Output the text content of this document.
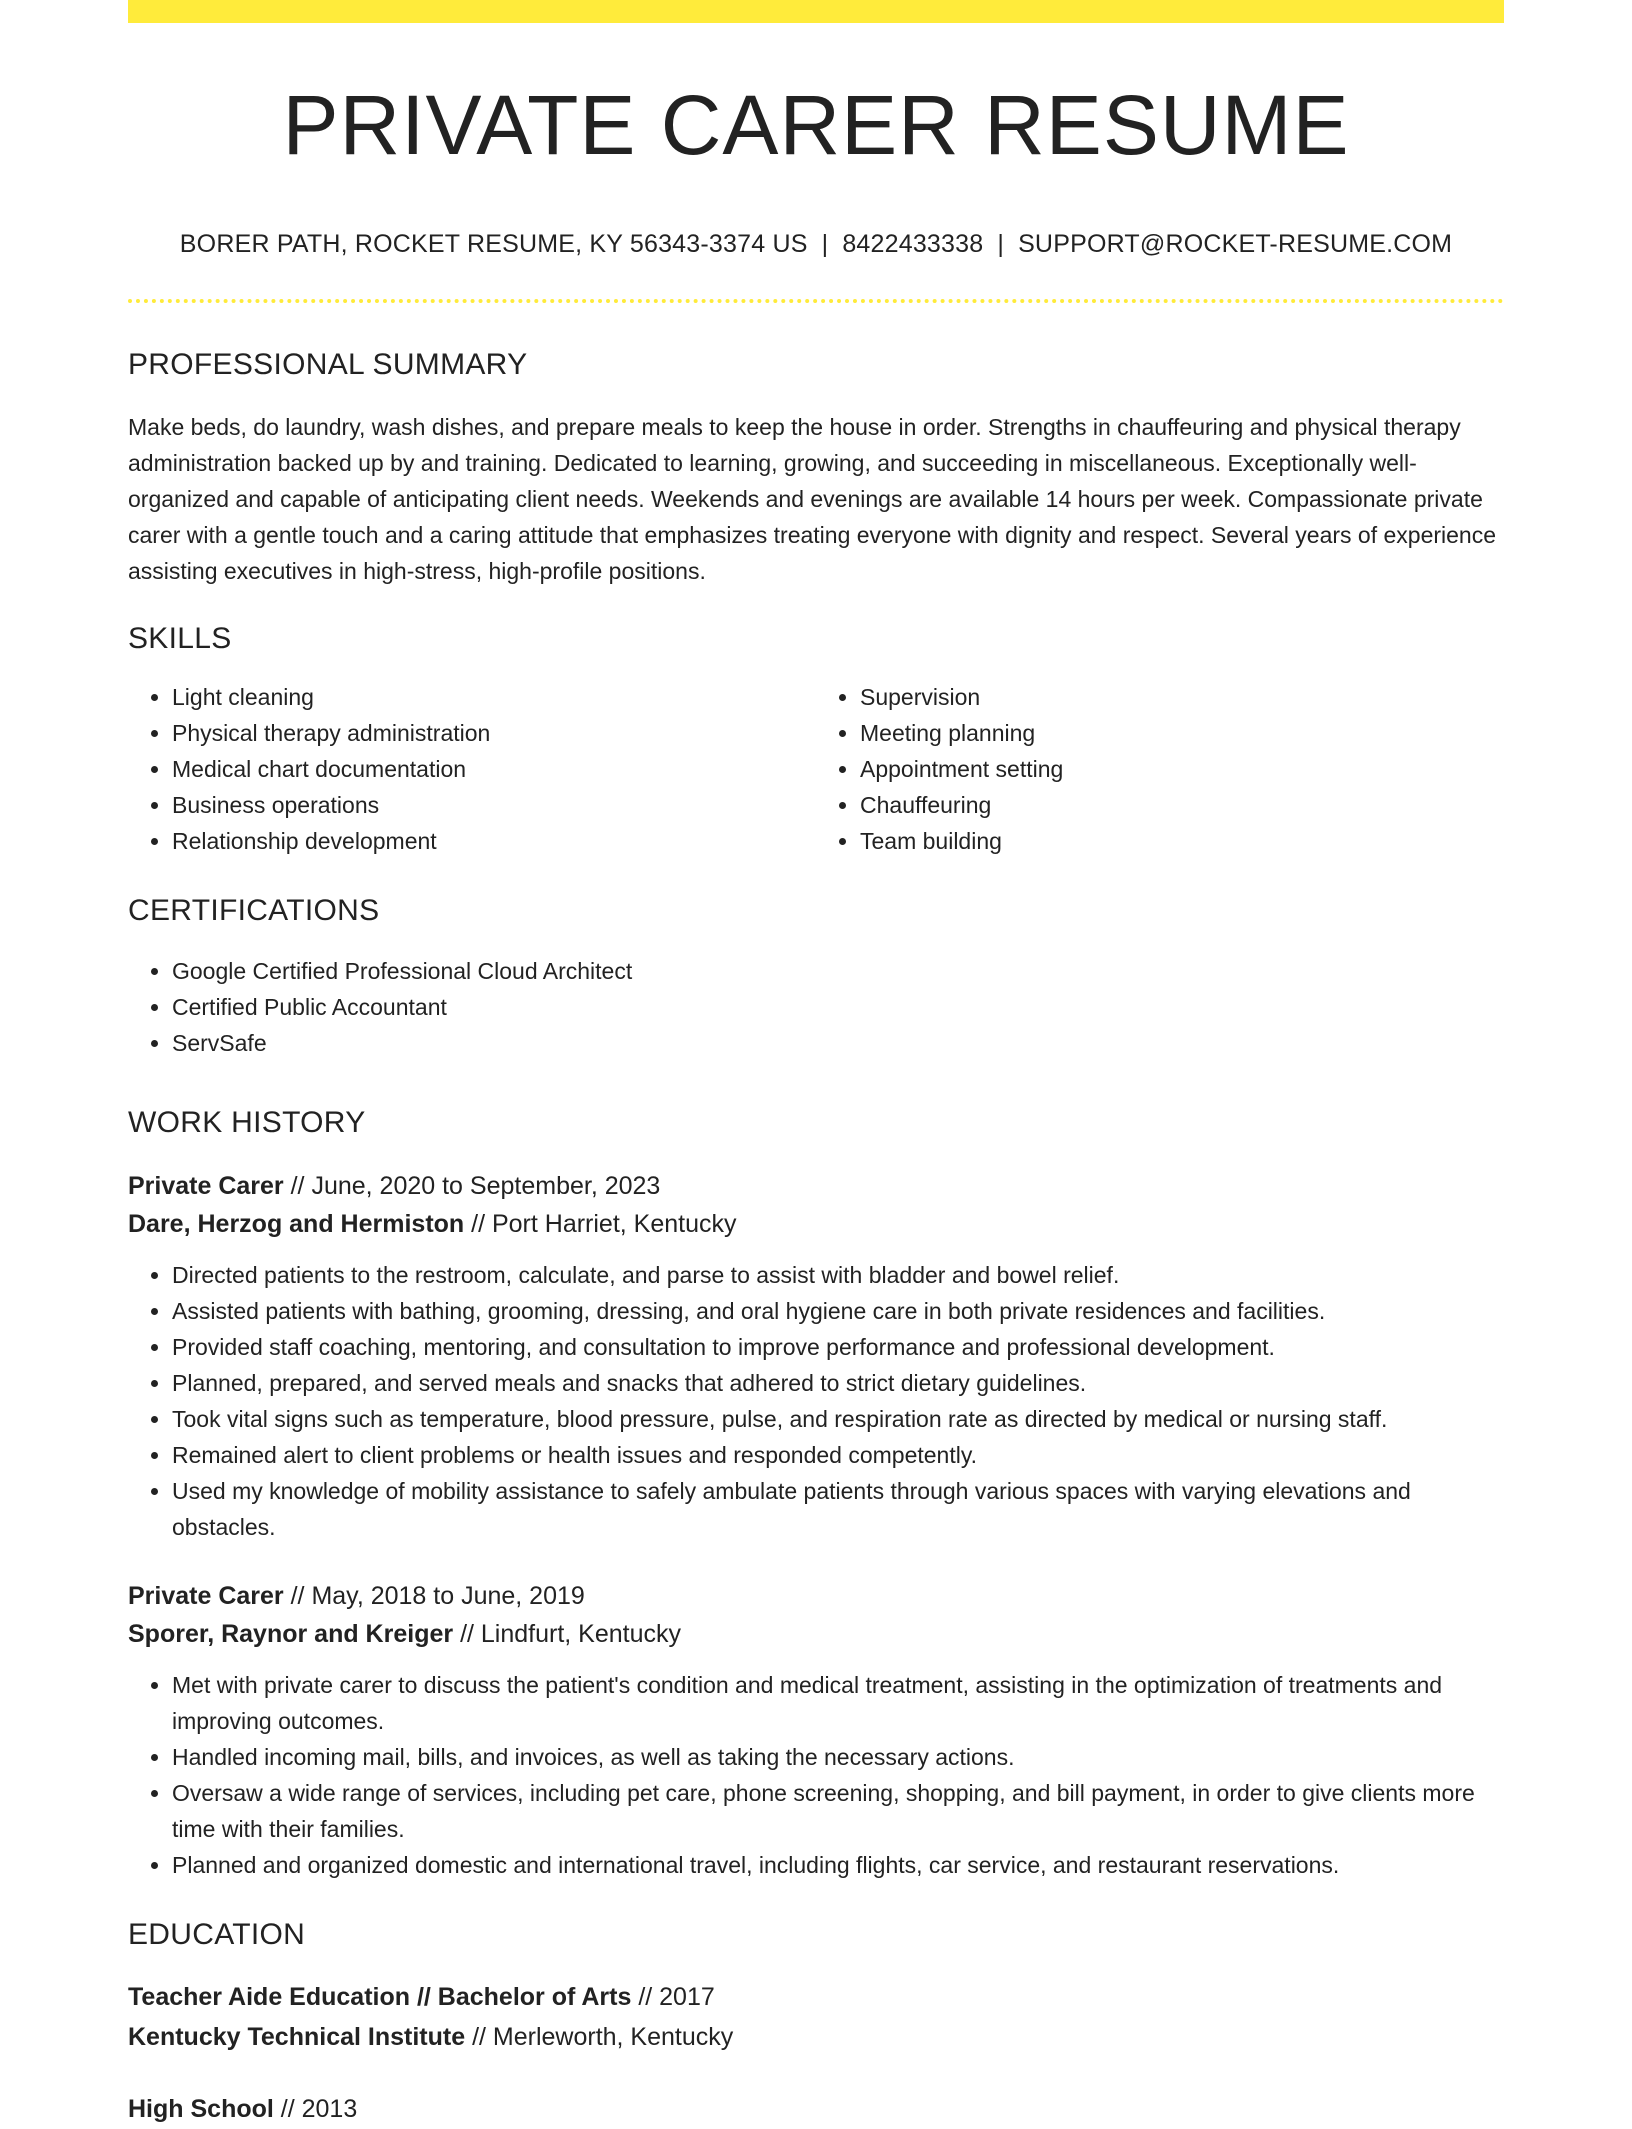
PRIVATE CARER RESUME
BORER PATH, ROCKET RESUME, KY 56343-3374 US | 8422433338 | SUPPORT@ROCKET-RESUME.COM
PROFESSIONAL SUMMARY

Make beds, do laundry, wash dishes, and prepare meals to keep the house in order. Strengths in chauffeuring and physical therapy administration backed up by and training. Dedicated to learning, growing, and succeeding in miscellaneous. Exceptionally well-organized and capable of anticipating client needs. Weekends and evenings are available 14 hours per week. Compassionate private carer with a gentle touch and a caring attitude that emphasizes treating everyone with dignity and respect. Several years of experience assisting executives in high-stress, high-profile positions.

SKILLS
• Light cleaning
• Physical therapy administration
• Medical chart documentation
• Business operations
• Relationship development
• Supervision
• Meeting planning
• Appointment setting
• Chauffeuring
• Team building
CERTIFICATIONS
• Google Certified Professional Cloud Architect
• Certified Public Accountant
• ServSafe
WORK HISTORY
Private Carer // June, 2020 to September, 2023
Dare, Herzog and Hermiston // Port Harriet, Kentucky
• Directed patients to the restroom, calculate, and parse to assist with bladder and bowel relief.
• Assisted patients with bathing, grooming, dressing, and oral hygiene care in both private residences and facilities.
• Provided staff coaching, mentoring, and consultation to improve performance and professional development.
• Planned, prepared, and served meals and snacks that adhered to strict dietary guidelines.
• Took vital signs such as temperature, blood pressure, pulse, and respiration rate as directed by medical or nursing staff.
• Remained alert to client problems or health issues and responded competently.
• Used my knowledge of mobility assistance to safely ambulate patients through various spaces with varying elevations and obstacles.
Private Carer // May, 2018 to June, 2019
Sporer, Raynor and Kreiger // Lindfurt, Kentucky
• Met with private carer to discuss the patient's condition and medical treatment, assisting in the optimization of treatments and improving outcomes.
• Handled incoming mail, bills, and invoices, as well as taking the necessary actions.
• Oversaw a wide range of services, including pet care, phone screening, shopping, and bill payment, in order to give clients more time with their families.
• Planned and organized domestic and international travel, including flights, car service, and restaurant reservations.
EDUCATION
Teacher Aide Education // Bachelor of Arts // 2017
Kentucky Technical Institute // Merleworth, Kentucky
High School // 2013
